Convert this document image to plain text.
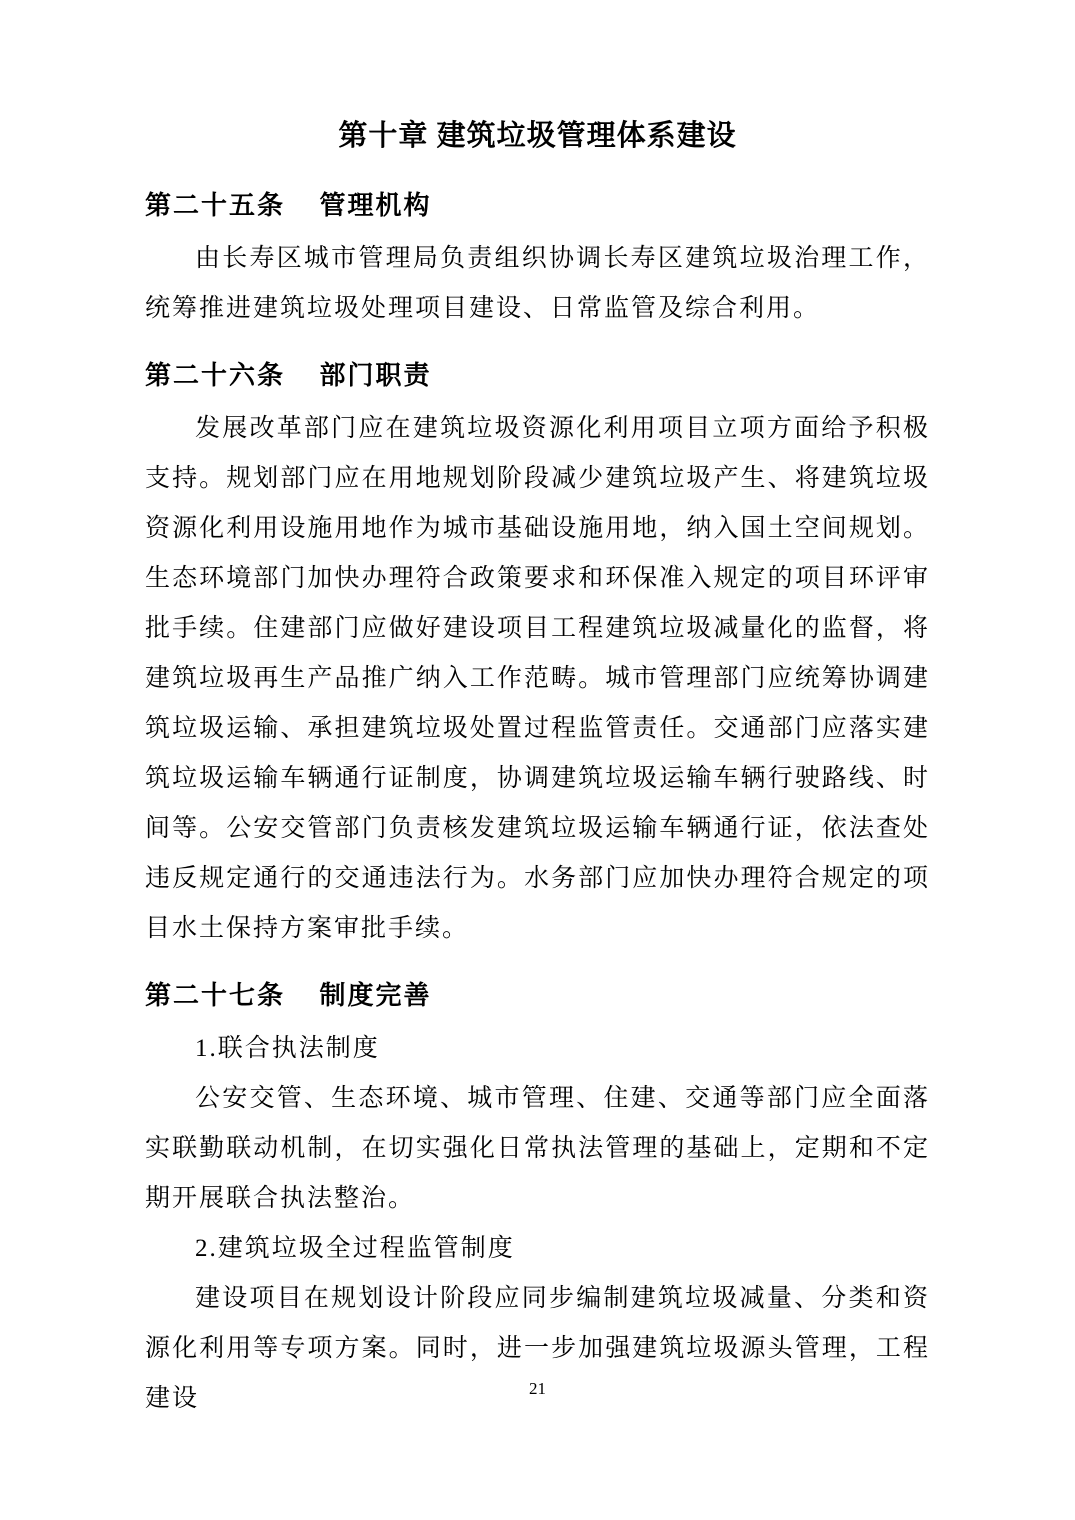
第十章 建筑垃圾管理体系建设
第二十五条 管理机构

由长寿区城市管理局负责组织协调长寿区建筑垃圾治理工作，统筹推进建筑垃圾处理项目建设、日常监管及综合利用。

第二十六条 部门职责

发展改革部门应在建筑垃圾资源化利用项目立项方面给予积极支持。规划部门应在用地规划阶段减少建筑垃圾产生、将建筑垃圾资源化利用设施用地作为城市基础设施用地，纳入国土空间规划。生态环境部门加快办理符合政策要求和环保准入规定的项目环评审批手续。住建部门应做好建设项目工程建筑垃圾减量化的监督，将建筑垃圾再生产品推广纳入工作范畴。城市管理部门应统筹协调建筑垃圾运输、承担建筑垃圾处置过程监管责任。交通部门应落实建筑垃圾运输车辆通行证制度，协调建筑垃圾运输车辆行驶路线、时间等。公安交管部门负责核发建筑垃圾运输车辆通行证，依法查处违反规定通行的交通违法行为。水务部门应加快办理符合规定的项目水土保持方案审批手续。

第二十七条 制度完善

1.联合执法制度

公安交管、生态环境、城市管理、住建、交通等部门应全面落实联勤联动机制，在切实强化日常执法管理的基础上，定期和不定期开展联合执法整治。

2.建筑垃圾全过程监管制度

建设项目在规划设计阶段应同步编制建筑垃圾减量、分类和资源化利用等专项方案。同时，进一步加强建筑垃圾源头管理，工程建设	21
